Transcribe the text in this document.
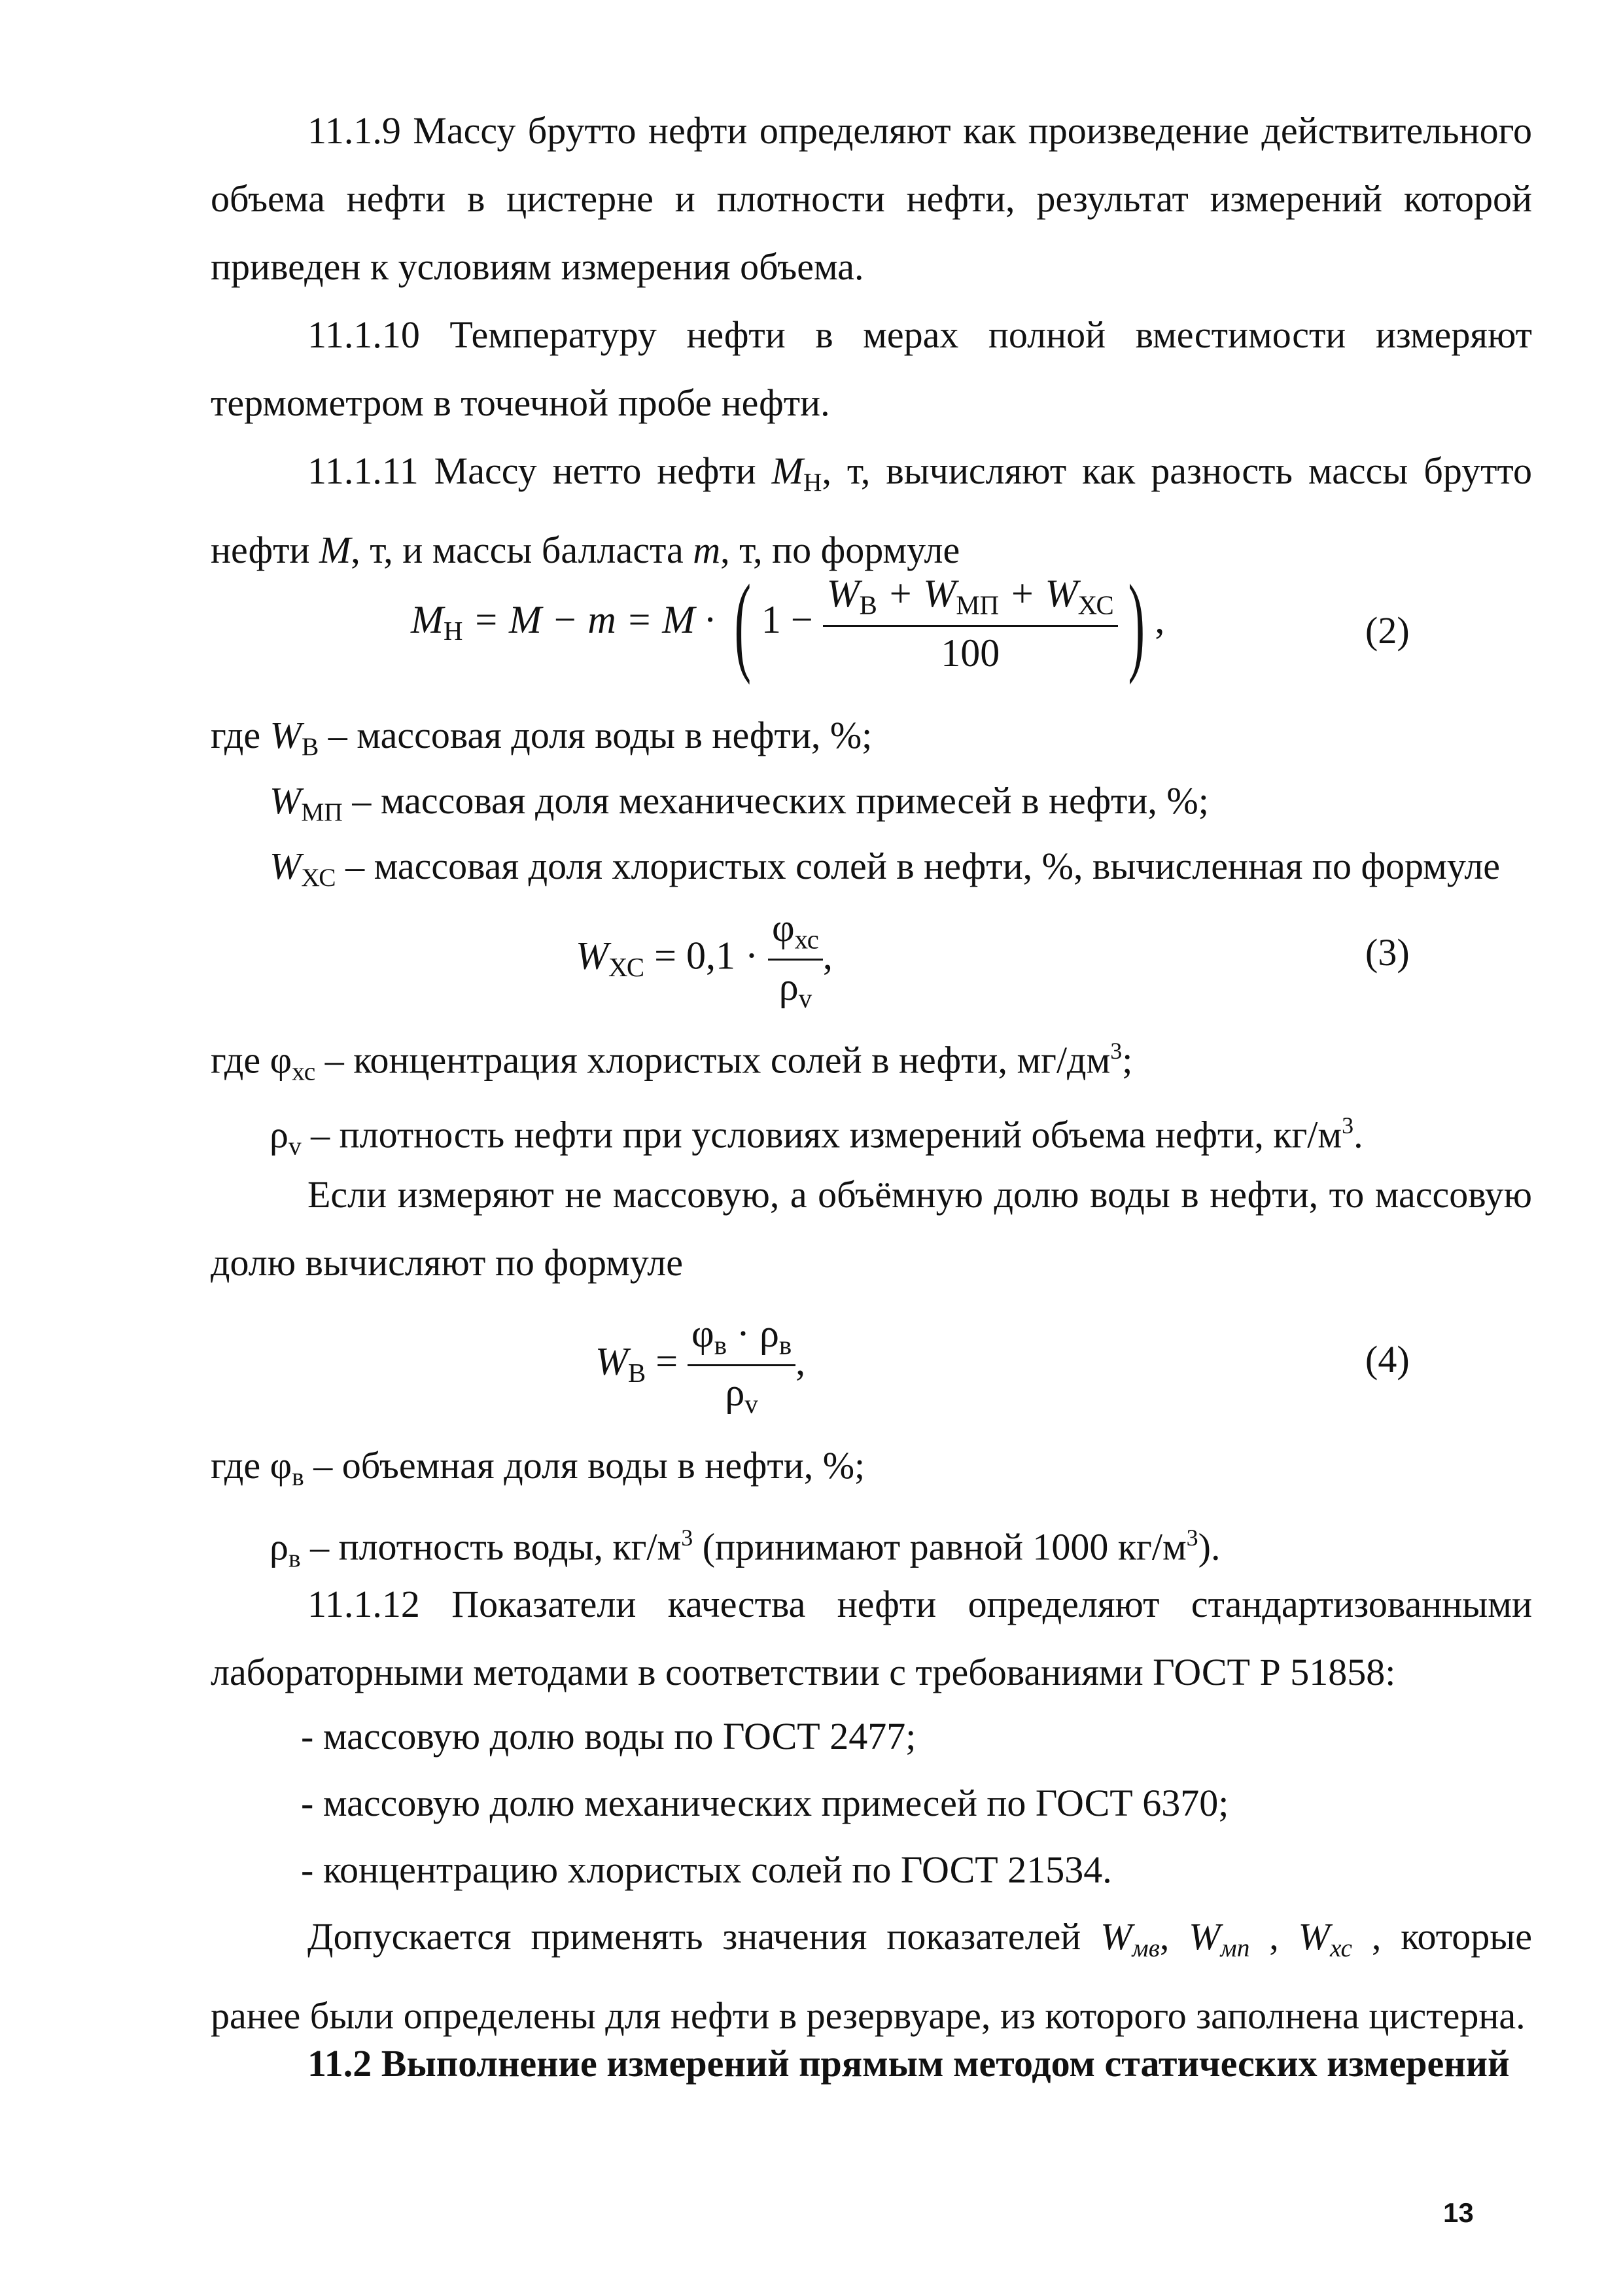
11.1.9 Массу брутто нефти определяют как произведение действительного объема нефти в цистерне и плотности нефти, результат измерений которой приведен к условиям измерения объема.

11.1.10 Температуру нефти в мерах полной вместимости измеряют термометром в точечной пробе нефти.

11.1.11 Массу нетто нефти $M_Н$, т, вычисляют как разность массы брутто нефти M, т, и массы балласта m, т, по формуле

$M_Н = M - m = M$ · ( $1 - \frac{W_В + W_{МП} + W_{ХС}}{100}$ ) ,	(2)

где $W_В$ – массовая доля воды в нефти, %;

$W_{МП}$ – массовая доля механических примесей в нефти, %;

$W_{ХС}$ – массовая доля хлористых солей в нефти, %, вычисленная по формуле

$W_{ХС} = 0,1 \cdot \frac{\varphi_{хс}}{\rho_v}$ ,	(3)

где $\varphi_{хс}$ – концентрация хлористых солей в нефти, $мг/дм^3$;

$\rho_v$ – плотность нефти при условиях измерений объема нефти, $кг/м^3$.

Если измеряют не массовую, а объёмную долю воды в нефти, то массовую долю вычисляют по формуле

$W_В = \frac{\varphi_в \cdot \rho_в}{\rho_v}$ ,	(4)

где $\varphi_в$ – объемная доля воды в нефти, %;

$\rho_в$ – плотность воды, $кг/м^3$ (принимают равной 1000 $кг/м^3$).

11.1.12 Показатели качества нефти определяют стандартизованными лабораторными методами в соответствии с требованиями ГОСТ Р 51858:

- массовую долю воды по ГОСТ 2477;

- массовую долю механических примесей по ГОСТ 6370;

- концентрацию хлористых солей по ГОСТ 21534.

Допускается применять значения показателей $W_{мв}$, $W_{мп}$ , $W_{хс}$ , которые ранее были определены для нефти в резервуаре, из которого заполнена цистерна.

11.2 Выполнение измерений прямым методом статических измерений

13
